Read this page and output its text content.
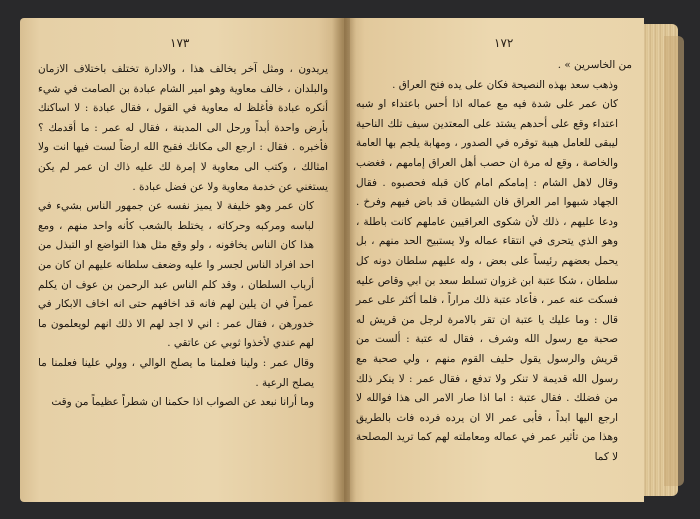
١٧٣

يريدون ، ومثل آخر يخالف هذا ، والادارة تختلف باختلاف الازمان والبلدان ، خالف معاوية وهو امير الشام عبادة بن الصامت في شيء أنكره عبادة فأغلظ له معاوية في القول ، فقال عبادة : لا اساكنك بأرض واحدة أبداً ورحل الى المدينة ، فقال له عمر : ما أقدمك ؟ فأخبره . فقال : ارجع الى مكانك فقبح الله ارضاً لست فيها انت ولا امثالك ، وكتب الى معاوية لا إمرة لك عليه ذاك ان عمر لم يكن يستغني عن خدمة معاوية ولا عن فضل عبادة .

كان عمر وهو خليفة لا يميز نفسه عن جمهور الناس بشيء في لباسه ومركبه وحركاته ، يختلط بالشعب كأنه واحد منهم ، ومع هذا كان الناس يخافونه ، ولو وقع مثل هذا التواضع او التبذل من احد افراد الناس لجسر وا عليه وضعف سلطانه عليهم ان كان من أرباب السلطان ، وقد كلم الناس عبد الرحمن بن عوف ان يكلم عمراً في ان يلين لهم فانه قد اخافهم حتى انه اخاف الابكار في خدورهن ، فقال عمر : اني لا اجد لهم الا ذلك انهم لويعلمون ما لهم عندي لأخذوا ثوبي عن عاتقي .

وقال عمر : ولينا فعلمنا ما يصلح الوالي ، وولي علينا فعلمنا ما يصلح الرعية .

وما أرانا نبعد عن الصواب اذا حكمنا ان شطراً عظيماً من وقت

١٧٢

من الخاسرين » .

وذهب سعد بهذه النصيحة فكان على يده فتح العراق .

كان عمر على شدة فيه مع عماله اذا أحس باعتداء او شبه اعتداء وقع على أحدهم يشتد على المعتدين سيف تلك الناحية ليبقى للعامل هيبة توقره في الصدور ، ومهابة يلجم بها العامة والخاصة ، وقع له مرة ان حصب أهل العراق إمامهم ، فغضب وقال لاهل الشام : إمامكم امام كان قبله فحصبوه . فقال الجهاد شبهوا امر العراق فان الشيطان قد باض فيهم وفرخ . ودعا عليهم ، ذلك لأن شكوى العراقيين عاملهم كانت باطلة ، وهو الذي يتحرى في انتقاء عماله ولا يستبيح الحد منهم ، بل يحمل بعضهم رئيساً على بعض ، وله عليهم سلطان دونه كل سلطان ، شكا عتبة ابن غزوان تسلط سعد بن ابي وقاص عليه فسكت عنه عمر ، فأعاد عتبة ذلك مراراً ، فلما أكثر على عمر قال : وما عليك يا عتبة ان تقر بالامرة لرجل من قريش له صحبة مع رسول الله وشرف ، فقال له عتبة : ألست من قريش والرسول يقول حليف القوم منهم ، ولي صحبة مع رسول الله قديمة لا تنكر ولا تدفع ، فقال عمر : لا ينكر ذلك من فضلك . فقال عتبة : اما اذا صار الامر الى هذا فوالله لا ارجع اليها ابداً ، فأبى عمر الا ان يرده فرده فات بالطريق وهذا من تأثير عمر في عماله ومعاملته لهم كما تريد المصلحة لا كما
